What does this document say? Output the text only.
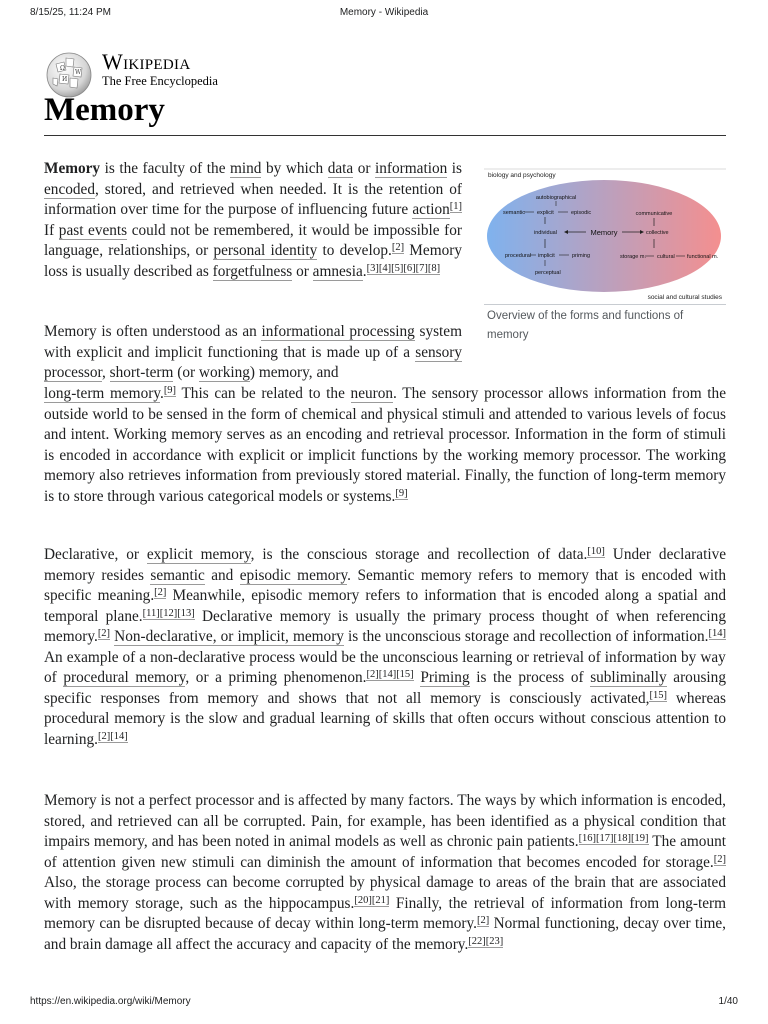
8/15/25, 11:24 PM	Memory - Wikipedia
Ω
W
И
Wikipedia
The Free Encyclopedia
Memory
biology and psychology
autobiographical
semantic explicit	episodic
individual	Memory	collective
communicative
procedural implicit	priming
perceptual
storage m. cultural functional m.
social and cultural studies
Overview of the forms and functions of memory
Memory is the faculty of the mind by which data or information is encoded, stored, and retrieved when needed. It is the retention of information over time for the purpose of influencing future action[1] If past events could not be remembered, it would be impossible for language, relationships, or personal identity to develop.[2] Memory loss is usually described as forgetfulness or amnesia.[3][4][5][6][7][8]
Memory is often understood as an informational processing system with explicit and implicit functioning that is made up of a sensory processor, short-term (or working) memory, and
long-term memory.[9] This can be related to the neuron. The sensory processor allows information from the outside world to be sensed in the form of chemical and physical stimuli and attended to various levels of focus and intent. Working memory serves as an encoding and retrieval processor. Information in the form of stimuli is encoded in accordance with explicit or implicit functions by the working memory processor. The working memory also retrieves information from previously stored material. Finally, the function of long-term memory is to store through various categorical models or systems.[9]
Declarative, or explicit memory, is the conscious storage and recollection of data.[10] Under declarative memory resides semantic and episodic memory. Semantic memory refers to memory that is encoded with specific meaning.[2] Meanwhile, episodic memory refers to information that is encoded along a spatial and temporal plane.[11][12][13] Declarative memory is usually the primary process thought of when referencing memory.[2] Non-declarative, or implicit, memory is the unconscious storage and recollection of information.[14] An example of a non-declarative process would be the unconscious learning or retrieval of information by way of procedural memory, or a priming phenomenon.[2][14][15] Priming is the process of subliminally arousing specific responses from memory and shows that not all memory is consciously activated,[15] whereas procedural memory is the slow and gradual learning of skills that often occurs without conscious attention to learning.[2][14]
Memory is not a perfect processor and is affected by many factors. The ways by which information is encoded, stored, and retrieved can all be corrupted. Pain, for example, has been identified as a physical condition that impairs memory, and has been noted in animal models as well as chronic pain patients.[16][17][18][19] The amount of attention given new stimuli can diminish the amount of information that becomes encoded for storage.[2] Also, the storage process can become corrupted by physical damage to areas of the brain that are associated with memory storage, such as the hippocampus.[20][21] Finally, the retrieval of information from long-term memory can be disrupted because of decay within long-term memory.[2] Normal functioning, decay over time, and brain damage all affect the accuracy and capacity of the memory.[22][23]
https://en.wikipedia.org/wiki/Memory	1/40
